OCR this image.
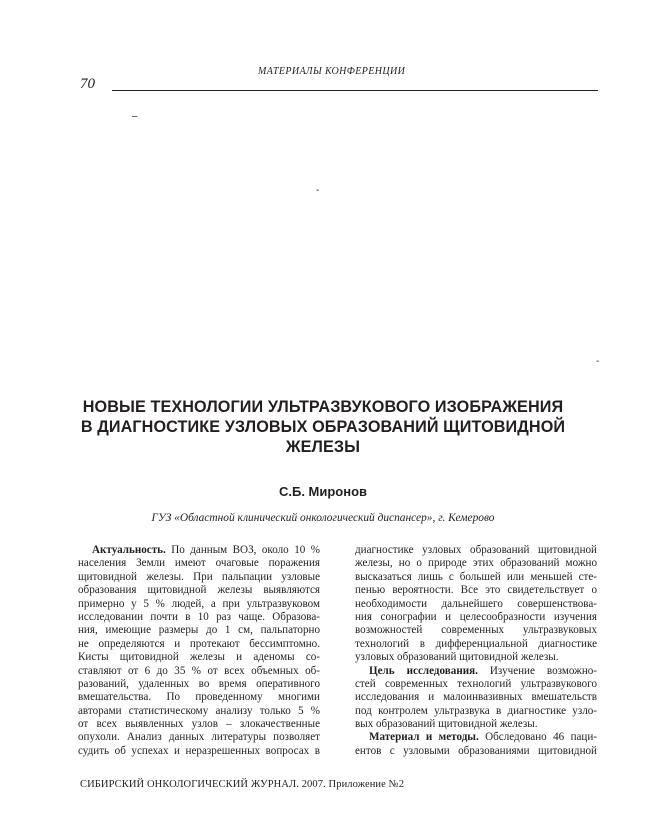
МАТЕРИАЛЫ КОНФЕРЕНЦИИ
70
–
-
-
НОВЫЕ ТЕХНОЛОГИИ УЛЬТРАЗВУКОВОГО ИЗОБРАЖЕНИЯ
В ДИАГНОСТИКЕ УЗЛОВЫХ ОБРАЗОВАНИЙ ЩИТОВИДНОЙ
ЖЕЛЕЗЫ
С.Б. Миронов
ГУЗ «Областной клинический онкологический диспансер», г. Кемерово
Актуальность. По данным ВОЗ, около 10 %
населения Земли имеют очаговые поражения
щитовидной железы. При пальпации узловые
образования щитовидной железы выявляются
примерно у 5 % людей, а при ультразвуковом
исследовании почти в 10 раз чаще. Образова-
ния, имеющие размеры до 1 см, пальпаторно
не определяются и протекают бессимптомно.
Кисты щитовидной железы и аденомы со-
ставляют от 6 до 35 % от всех объемных об-
разований, удаленных во время оперативного
вмешательства. По проведенному многими
авторами статистическому анализу только 5 %
от всех выявленных узлов – злокачественные
опухоли. Анализ данных литературы позволяет
судить об успехах и неразрешенных вопросах в
диагностике узловых образований щитовидной
железы, но о природе этих образований можно
высказаться лишь с большей или меньшей сте-
пенью вероятности. Все это свидетельствует о
необходимости дальнейшего совершенствова-
ния сонографии и целесообразности изучения
возможностей современных ультразвуковых
технологий в дифференциальной диагностике
узловых образований щитовидной железы.
Цель исследования. Изучение возможно-
стей современных технологий ультразвукового
исследования и малоинвазивных вмешательств
под контролем ультразвука в диагностике узло-
вых образований щитовидной железы.
Материал и методы. Обследовано 46 паци-
ентов с узловыми образованиями щитовидной
СИБИРСКИЙ ОНКОЛОГИЧЕСКИЙ ЖУРНАЛ. 2007. Приложение №2
